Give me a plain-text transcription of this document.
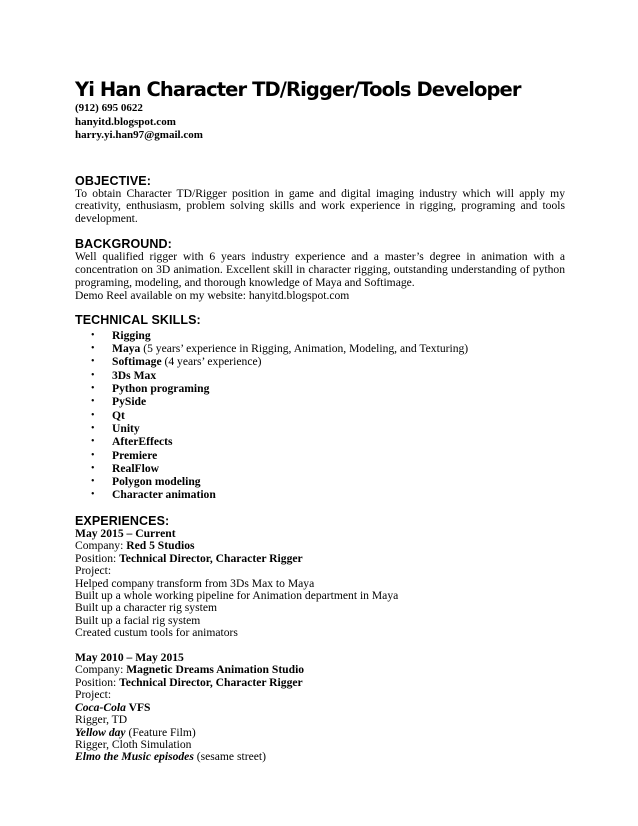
Yi Han Character TD/Rigger/Tools Developer
(912) 695 0622
hanyitd.blogspot.com
harry.yi.han97@gmail.com
OBJECTIVE:

To obtain Character TD/Rigger position in game and digital imaging industry which will apply my creativity, enthusiasm, problem solving skills and work experience in rigging, programing and tools development.

BACKGROUND:

Well qualified rigger with 6 years industry experience and a master’s degree in animation with a concentration on 3D animation. Excellent skill in character rigging, outstanding understanding of python programing, modeling, and thorough knowledge of Maya and Softimage.

Demo Reel available on my website: hanyitd.blogspot.com

TECHNICAL SKILLS:
• Rigging
• Maya (5 years’ experience in Rigging, Animation, Modeling, and Texturing)
• Softimage (4 years’ experience)
• 3Ds Max
• Python programing
• PySide
• Qt
• Unity
• AfterEffects
• Premiere
• RealFlow
• Polygon modeling
• Character animation
EXPERIENCES:
May 2015 – Current
Company: Red 5 Studios
Position: Technical Director, Character Rigger
Project:
Helped company transform from 3Ds Max to Maya
Built up a whole working pipeline for Animation department in Maya
Built up a character rig system
Built up a facial rig system
Created custum tools for animators
May 2010 – May 2015
Company: Magnetic Dreams Animation Studio
Position: Technical Director, Character Rigger
Project:
Coca-Cola VFS
Rigger, TD
Yellow day (Feature Film)
Rigger, Cloth Simulation
Elmo the Music episodes (sesame street)
